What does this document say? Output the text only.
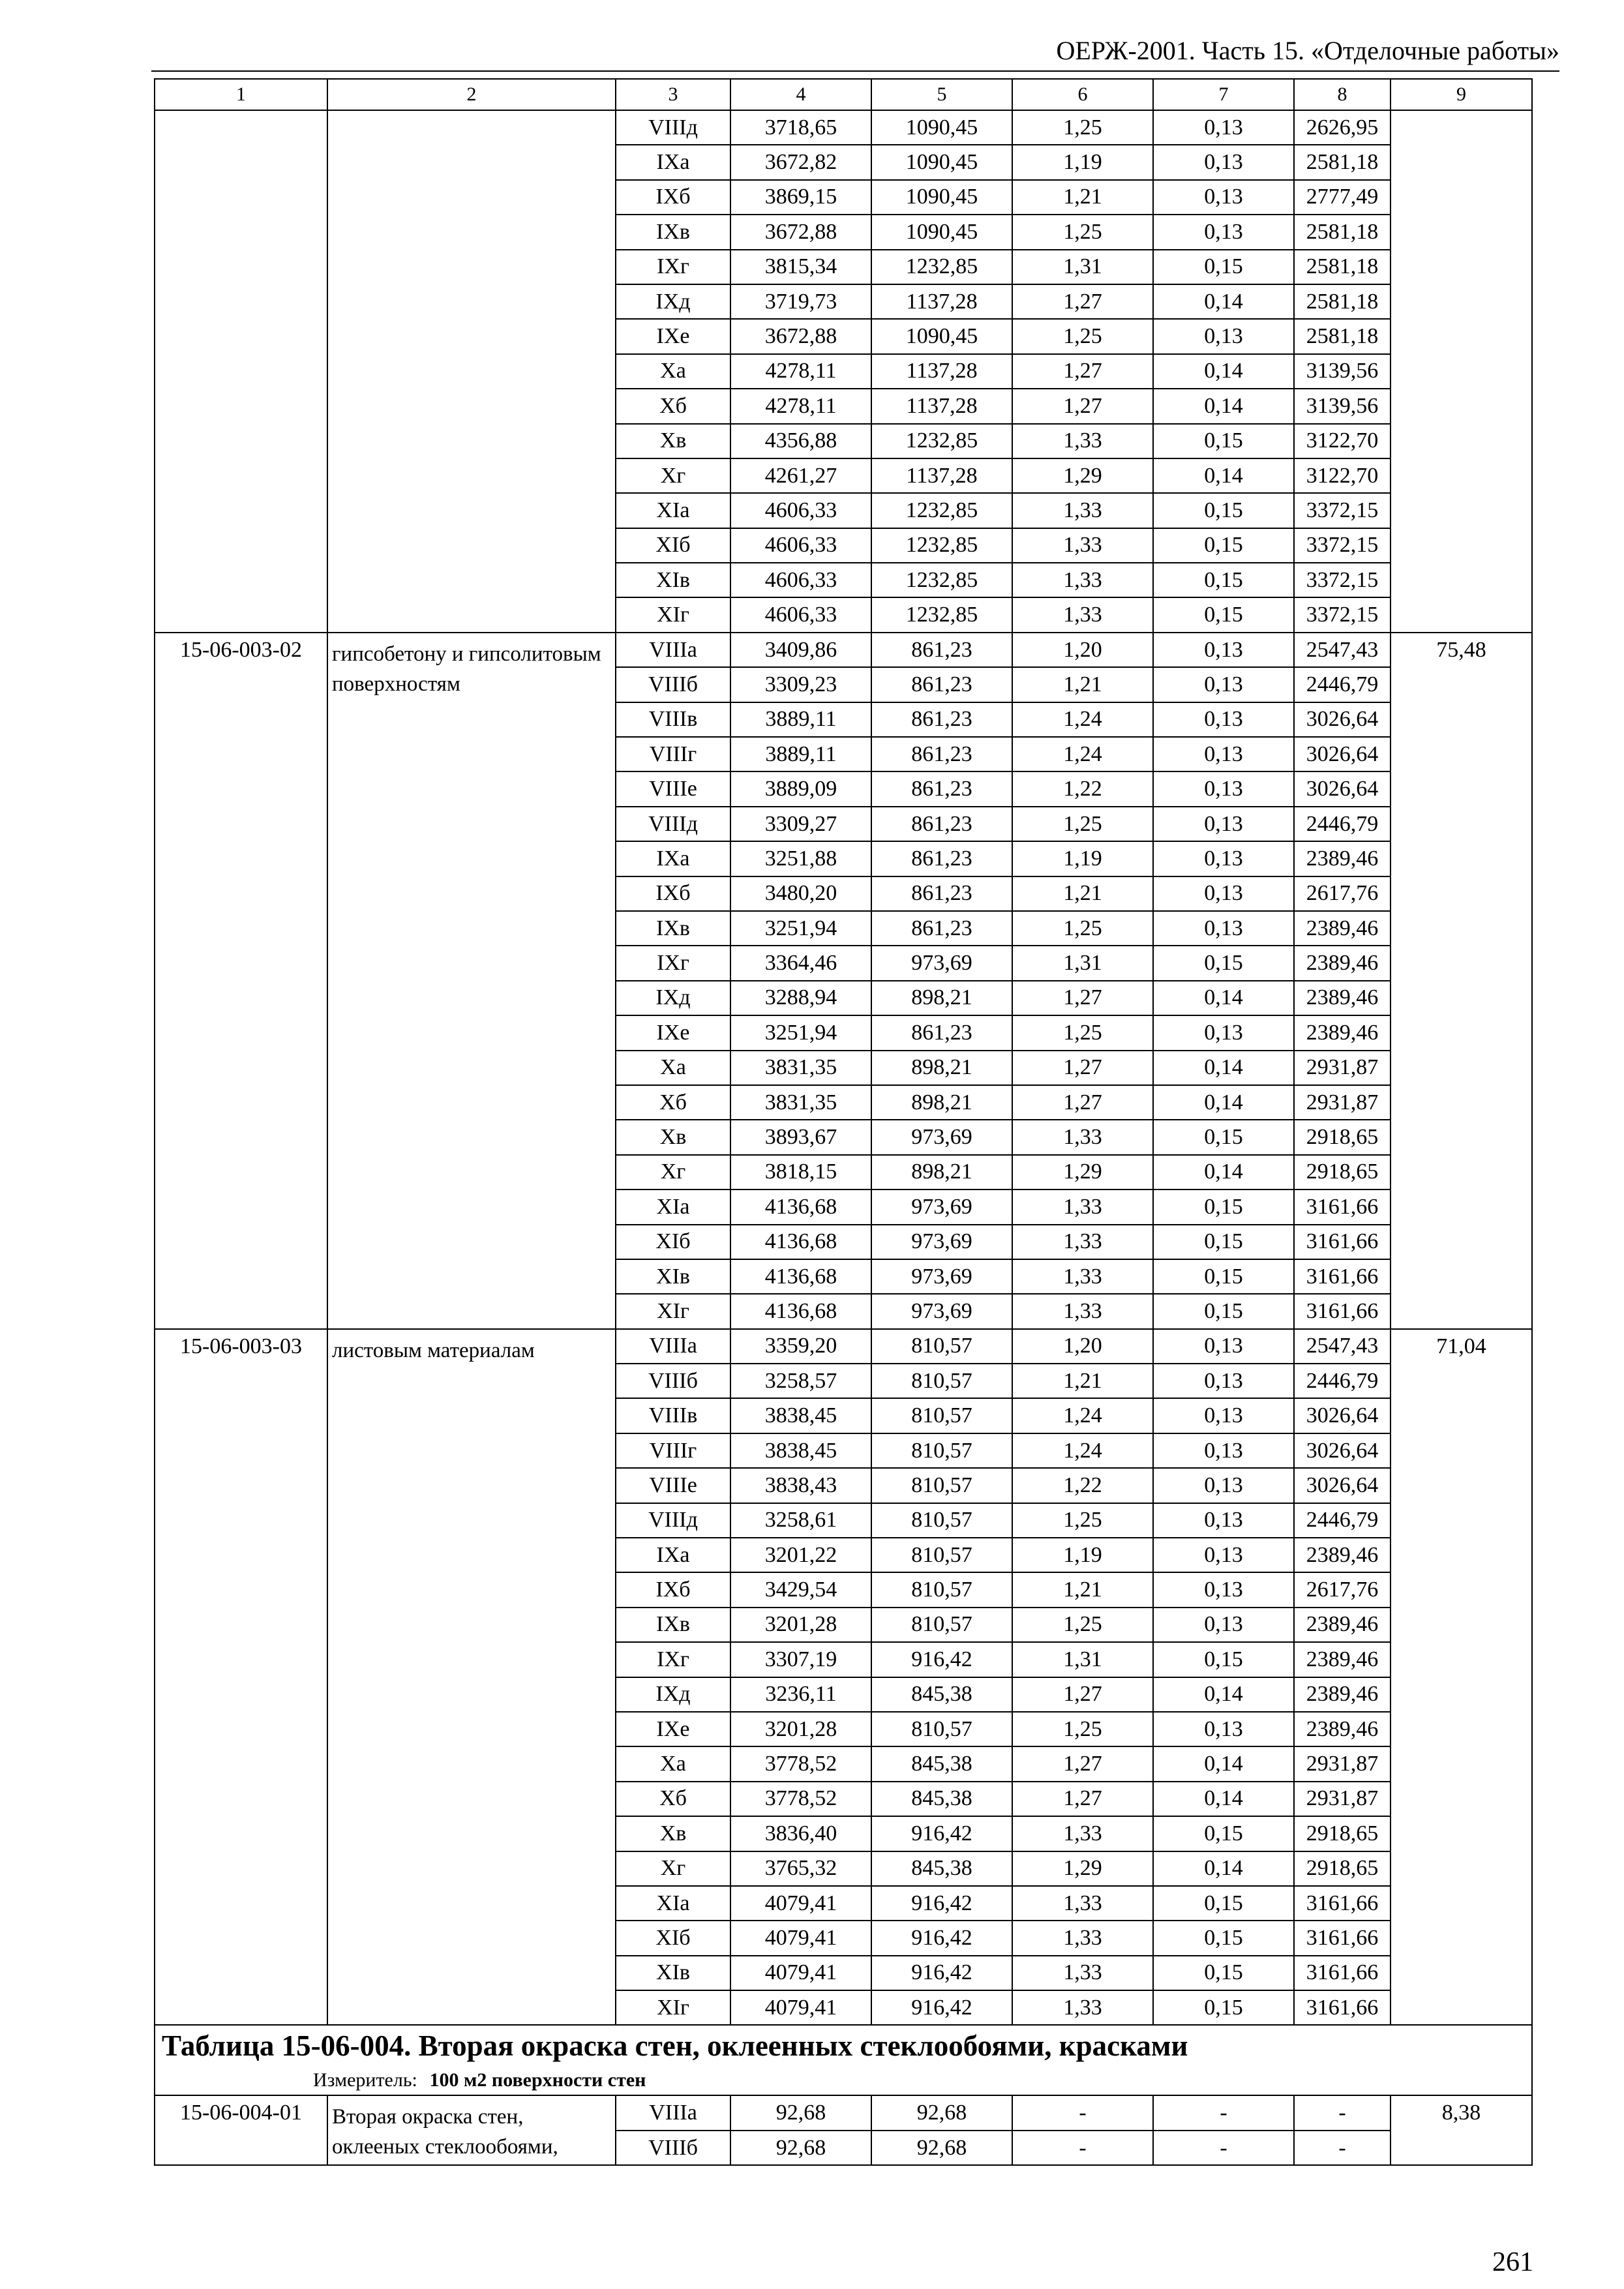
ОЕРЖ-2001. Часть 15. «Отделочные работы»
1	2	3	4	5	6	7	8	9
		VIIIд	3718,65	1090,45	1,25	0,13	2626,95	
		IXа	3672,82	1090,45	1,19	0,13	2581,18	
		IXб	3869,15	1090,45	1,21	0,13	2777,49	
		IXв	3672,88	1090,45	1,25	0,13	2581,18	
		IXг	3815,34	1232,85	1,31	0,15	2581,18	
		IXд	3719,73	1137,28	1,27	0,14	2581,18	
		IXе	3672,88	1090,45	1,25	0,13	2581,18	
		Xа	4278,11	1137,28	1,27	0,14	3139,56	
		Xб	4278,11	1137,28	1,27	0,14	3139,56	
		Xв	4356,88	1232,85	1,33	0,15	3122,70	
		Xг	4261,27	1137,28	1,29	0,14	3122,70	
		XIа	4606,33	1232,85	1,33	0,15	3372,15	
		XIб	4606,33	1232,85	1,33	0,15	3372,15	
		XIв	4606,33	1232,85	1,33	0,15	3372,15	
		XIг	4606,33	1232,85	1,33	0,15	3372,15	
15-06-003-02	гипсобетону и гипсолитовым поверхностям	VIIIа	3409,86	861,23	1,20	0,13	2547,43	75,48
		VIIIб	3309,23	861,23	1,21	0,13	2446,79	
		VIIIв	3889,11	861,23	1,24	0,13	3026,64	
		VIIIг	3889,11	861,23	1,24	0,13	3026,64	
		VIIIе	3889,09	861,23	1,22	0,13	3026,64	
		VIIIд	3309,27	861,23	1,25	0,13	2446,79	
		IXа	3251,88	861,23	1,19	0,13	2389,46	
		IXб	3480,20	861,23	1,21	0,13	2617,76	
		IXв	3251,94	861,23	1,25	0,13	2389,46	
		IXг	3364,46	973,69	1,31	0,15	2389,46	
		IXд	3288,94	898,21	1,27	0,14	2389,46	
		IXе	3251,94	861,23	1,25	0,13	2389,46	
		Xа	3831,35	898,21	1,27	0,14	2931,87	
		Xб	3831,35	898,21	1,27	0,14	2931,87	
		Xв	3893,67	973,69	1,33	0,15	2918,65	
		Xг	3818,15	898,21	1,29	0,14	2918,65	
		XIа	4136,68	973,69	1,33	0,15	3161,66	
		XIб	4136,68	973,69	1,33	0,15	3161,66	
		XIв	4136,68	973,69	1,33	0,15	3161,66	
		XIг	4136,68	973,69	1,33	0,15	3161,66	
15-06-003-03	листовым материалам	VIIIа	3359,20	810,57	1,20	0,13	2547,43	71,04
		VIIIб	3258,57	810,57	1,21	0,13	2446,79	
		VIIIв	3838,45	810,57	1,24	0,13	3026,64	
		VIIIг	3838,45	810,57	1,24	0,13	3026,64	
		VIIIе	3838,43	810,57	1,22	0,13	3026,64	
		VIIIд	3258,61	810,57	1,25	0,13	2446,79	
		IXа	3201,22	810,57	1,19	0,13	2389,46	
		IXб	3429,54	810,57	1,21	0,13	2617,76	
		IXв	3201,28	810,57	1,25	0,13	2389,46	
		IXг	3307,19	916,42	1,31	0,15	2389,46	
		IXд	3236,11	845,38	1,27	0,14	2389,46	
		IXе	3201,28	810,57	1,25	0,13	2389,46	
		Xа	3778,52	845,38	1,27	0,14	2931,87	
		Xб	3778,52	845,38	1,27	0,14	2931,87	
		Xв	3836,40	916,42	1,33	0,15	2918,65	
		Xг	3765,32	845,38	1,29	0,14	2918,65	
		XIа	4079,41	916,42	1,33	0,15	3161,66	
		XIб	4079,41	916,42	1,33	0,15	3161,66	
		XIв	4079,41	916,42	1,33	0,15	3161,66	
		XIг	4079,41	916,42	1,33	0,15	3161,66	
Таблица 15-06-004. Вторая окраска стен, оклеенных стеклообоями, красками								
Измеритель: 100 м2 поверхности стен								
15-06-004-01	Вторая окраска стен, оклееных стеклообоями,	VIIIа	92,68	92,68	-	-	-	8,38
		VIIIб	92,68	92,68	-	-	-	
261
